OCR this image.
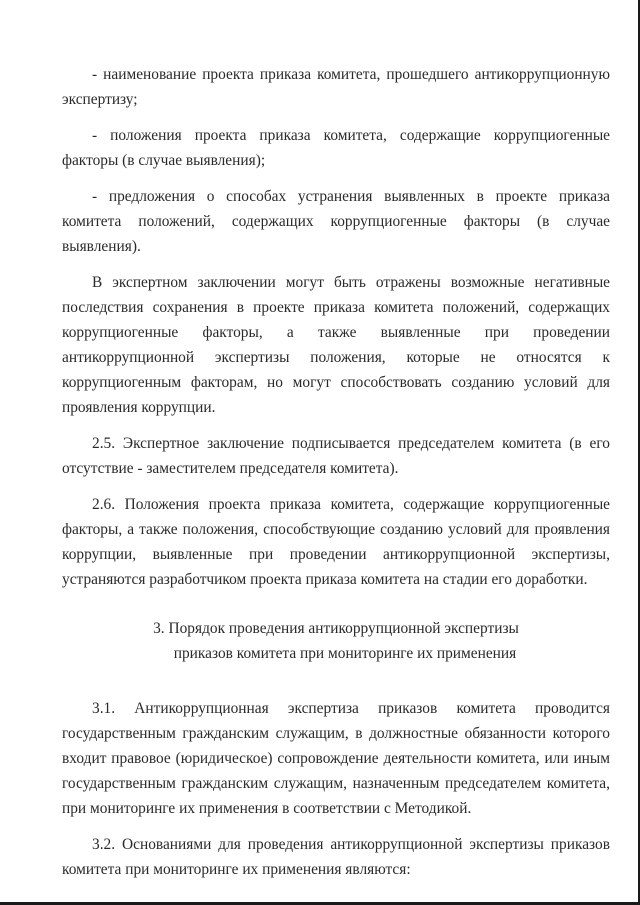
- наименование проекта приказа комитета, прошедшего антикоррупционную экспертизу;

- положения проекта приказа комитета, содержащие коррупциогенные факторы (в случае выявления);

- предложения о способах устранения выявленных в проекте приказа комитета положений, содержащих коррупциогенные факторы (в случае выявления).

В экспертном заключении могут быть отражены возможные негативные последствия сохранения в проекте приказа комитета положений, содержащих коррупциогенные факторы, а также выявленные при проведении антикоррупционной экспертизы положения, которые не относятся к коррупциогенным факторам, но могут способствовать созданию условий для проявления коррупции.

2.5. Экспертное заключение подписывается председателем комитета (в его отсутствие - заместителем председателя комитета).

2.6. Положения проекта приказа комитета, содержащие коррупциогенные факторы, а также положения, способствующие созданию условий для проявления коррупции, выявленные при проведении антикоррупционной экспертизы, устраняются разработчиком проекта приказа комитета на стадии его доработки.

3. Порядок проведения антикоррупционной экспертизы
приказов комитета при мониторинге их применения

3.1. Антикоррупционная экспертиза приказов комитета проводится государственным гражданским служащим, в должностные обязанности которого входит правовое (юридическое) сопровождение деятельности комитета, или иным государственным гражданским служащим, назначенным председателем комитета, при мониторинге их применения в соответствии с Методикой.

3.2. Основаниями для проведения антикоррупционной экспертизы приказов комитета при мониторинге их применения являются:
